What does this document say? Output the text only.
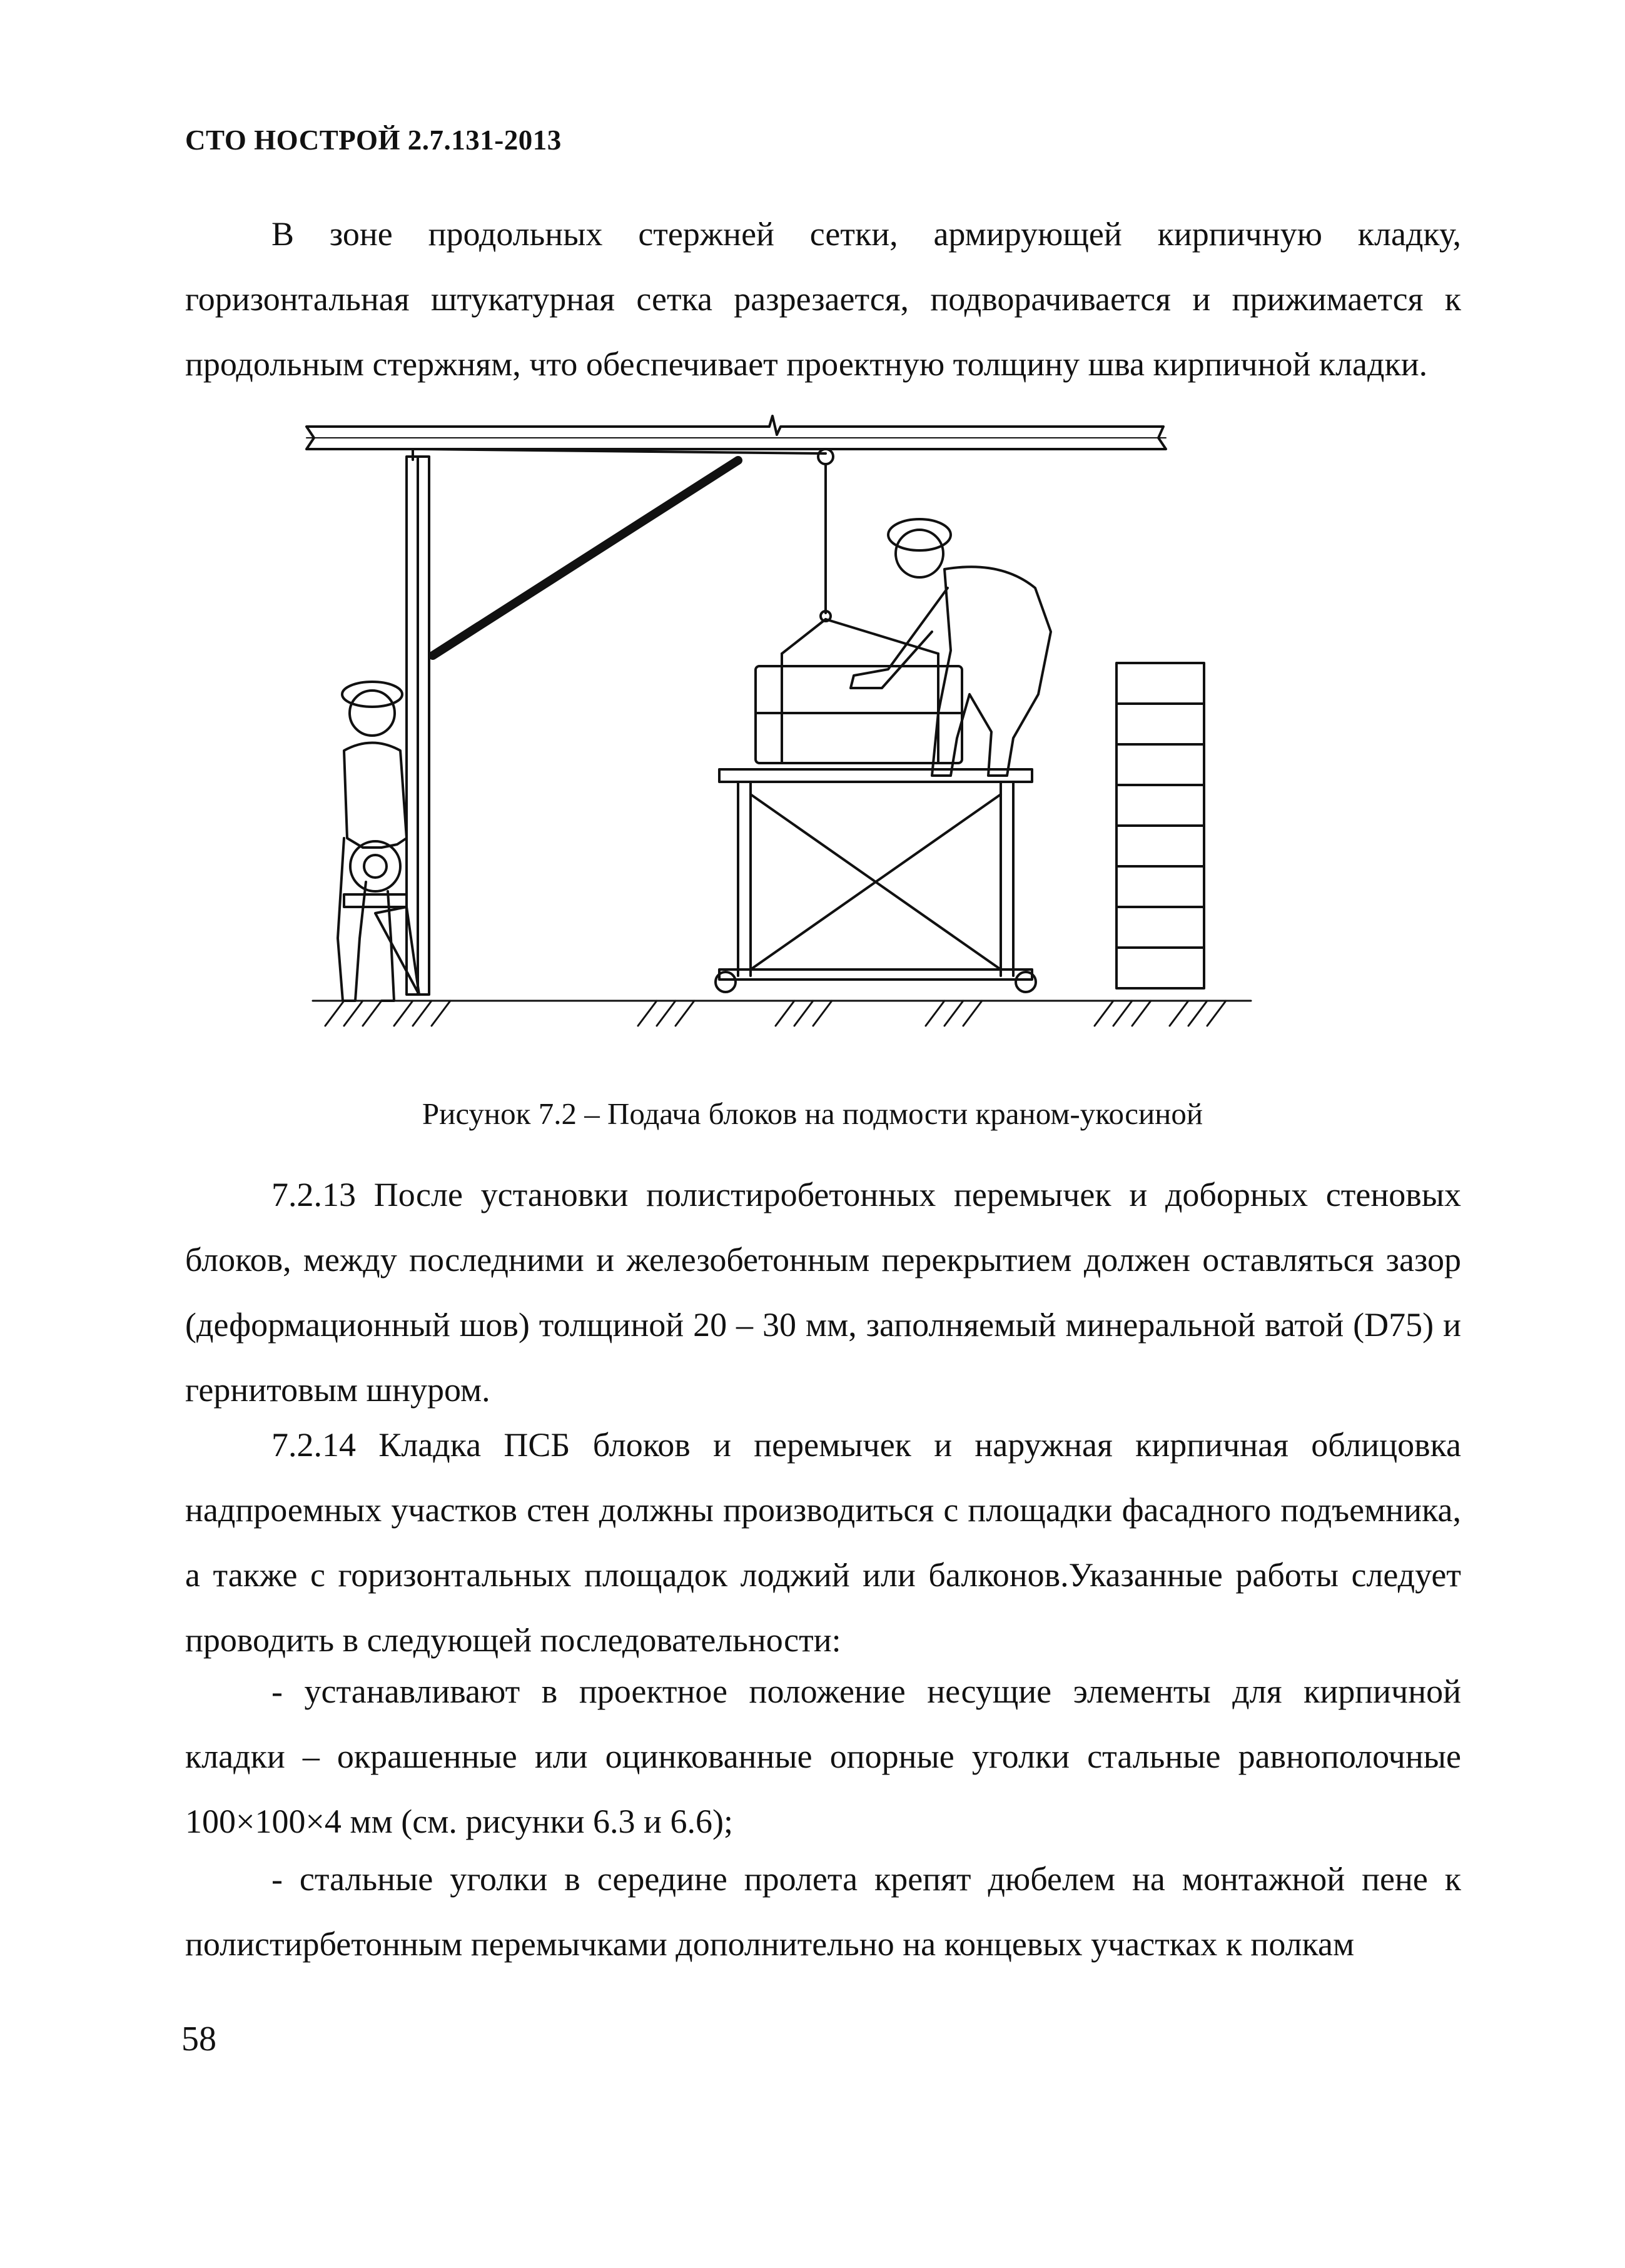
СТО НОСТРОЙ 2.7.131-2013
В зоне продольных стержней сетки, армирующей кирпичную кладку, горизонтальная штукатурная сетка разрезается, подворачивается и прижимается к продольным стержням, что обеспечивает проектную толщину шва кирпичной кладки.
Рисунок 7.2 – Подача блоков на подмости краном-укосиной
7.2.13 После установки полистиробетонных перемычек и доборных стеновых блоков, между последними и железобетонным перекрытием должен оставляться зазор (деформационный шов) толщиной 20 – 30 мм, заполняемый минеральной ватой (D75) и гернитовым шнуром.
7.2.14 Кладка ПСБ блоков и перемычек и наружная кирпичная облицовка надпроемных участков стен должны производиться с площадки фасадного подъемника, а также с горизонтальных площадок лоджий или балконов.Указанные работы следует проводить в следующей последовательности:
- устанавливают в проектное положение несущие элементы для кирпичной кладки – окрашенные или оцинкованные опорные уголки стальные равнополочные 100×100×4 мм (см. рисунки 6.3 и 6.6);
- стальные уголки в середине пролета крепят дюбелем на монтажной пене к полистирбетонным перемычками дополнительно на концевых участках к полкам
58
